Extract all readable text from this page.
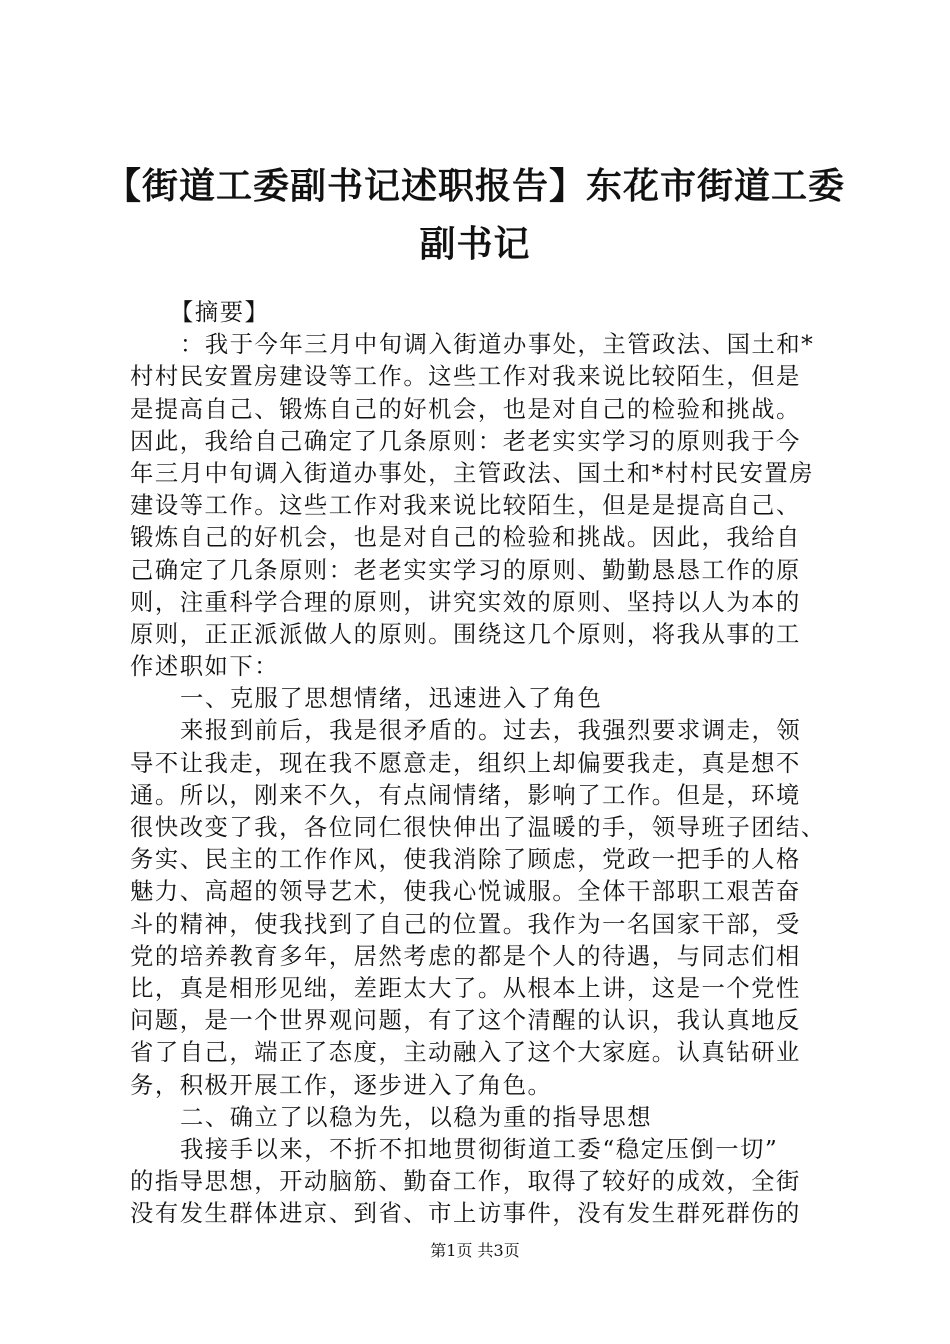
【街道工委副书记述职报告】东花市街道工委
副书记
【摘要】
：我于今年三月中旬调入街道办事处，主管政法、国土和*
村村民安置房建设等工作。这些工作对我来说比较陌生，但是
是提高自己、锻炼自己的好机会，也是对自己的检验和挑战。
因此，我给自己确定了几条原则：老老实实学习的原则我于今
年三月中旬调入街道办事处，主管政法、国土和*村村民安置房
建设等工作。这些工作对我来说比较陌生，但是是提高自己、
锻炼自己的好机会，也是对自己的检验和挑战。因此，我给自
己确定了几条原则：老老实实学习的原则、勤勤恳恳工作的原
则，注重科学合理的原则，讲究实效的原则、坚持以人为本的
原则，正正派派做人的原则。围绕这几个原则，将我从事的工
作述职如下：
一、克服了思想情绪，迅速进入了角色
来报到前后，我是很矛盾的。过去，我强烈要求调走，领
导不让我走，现在我不愿意走，组织上却偏要我走，真是想不
通。所以，刚来不久，有点闹情绪，影响了工作。但是，环境
很快改变了我，各位同仁很快伸出了温暖的手，领导班子团结、
务实、民主的工作作风，使我消除了顾虑，党政一把手的人格
魅力、高超的领导艺术，使我心悦诚服。全体干部职工艰苦奋
斗的精神，使我找到了自己的位置。我作为一名国家干部，受
党的培养教育多年，居然考虑的都是个人的待遇，与同志们相
比，真是相形见绌，差距太大了。从根本上讲，这是一个党性
问题，是一个世界观问题，有了这个清醒的认识，我认真地反
省了自己，端正了态度，主动融入了这个大家庭。认真钻研业
务，积极开展工作，逐步进入了角色。
二、确立了以稳为先，以稳为重的指导思想
我接手以来，不折不扣地贯彻街道工委“稳定压倒一切”
的指导思想，开动脑筋、勤奋工作，取得了较好的成效，全街
没有发生群体进京、到省、市上访事件，没有发生群死群伤的
第1页 共3页
